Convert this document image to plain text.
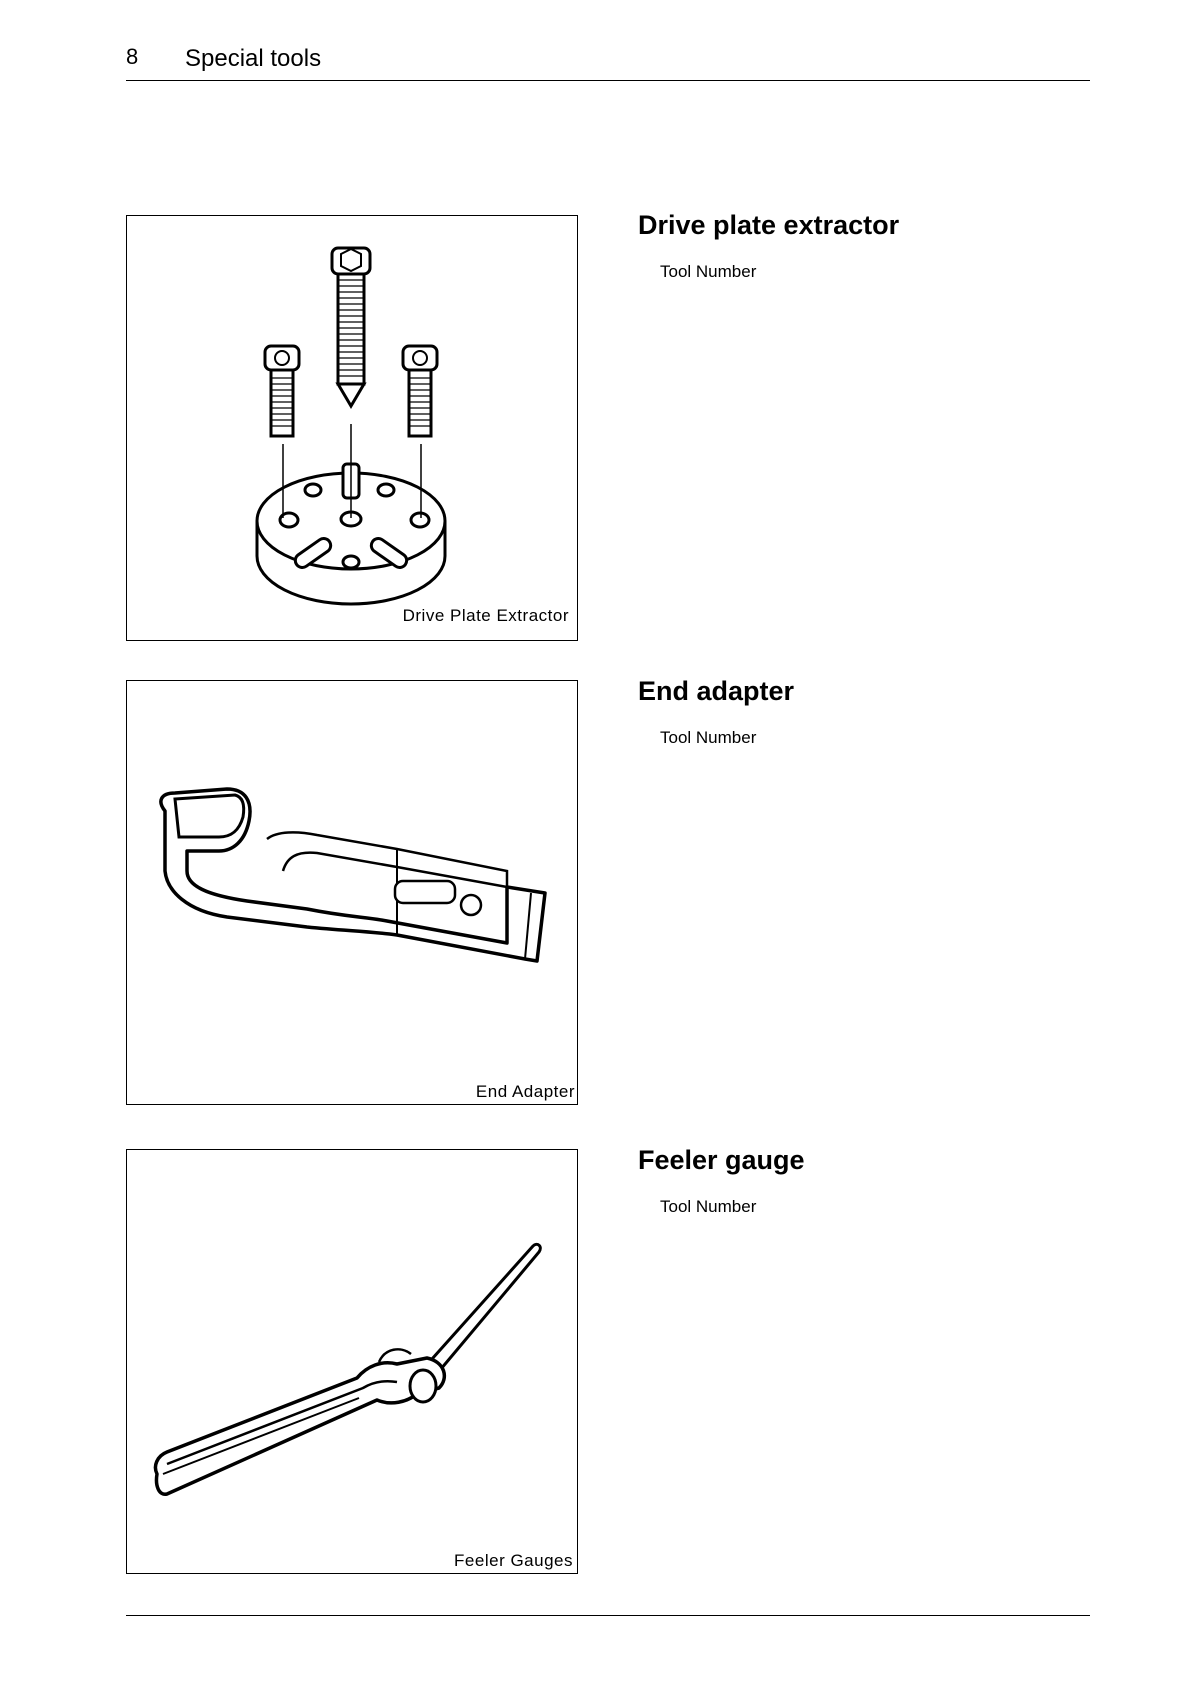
8 Special tools
Drive Plate Extractor
Drive plate extractor
Tool Number
End Adapter
End adapter
Tool Number
Feeler Gauges
Feeler gauge
Tool Number
